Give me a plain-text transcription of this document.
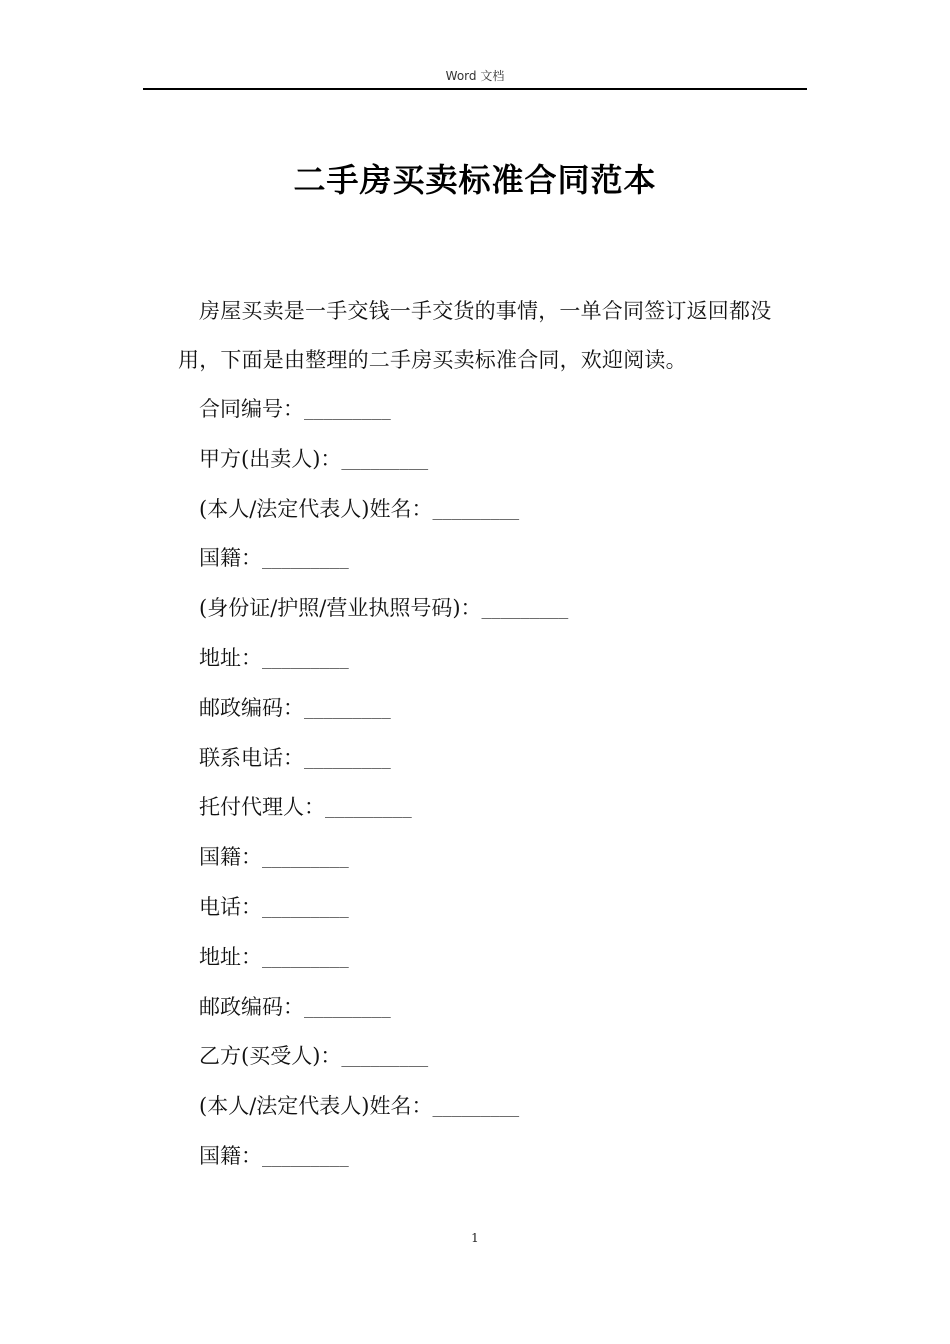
Word 文档
二手房买卖标准合同范本

房屋买卖是一手交钱一手交货的事情，一单合同签订返回都没用，下面是由整理的二手房买卖标准合同，欢迎阅读。

合同编号：_________
甲方(出卖人)：_________
(本人/法定代表人)姓名：_________
国籍：_________
(身份证/护照/营业执照号码)：_________
地址：_________
邮政编码：_________
联系电话：_________
托付代理人：_________
国籍：_________
电话：_________
地址：_________
邮政编码：_________
乙方(买受人)：_________
(本人/法定代表人)姓名：_________
国籍：_________
1
